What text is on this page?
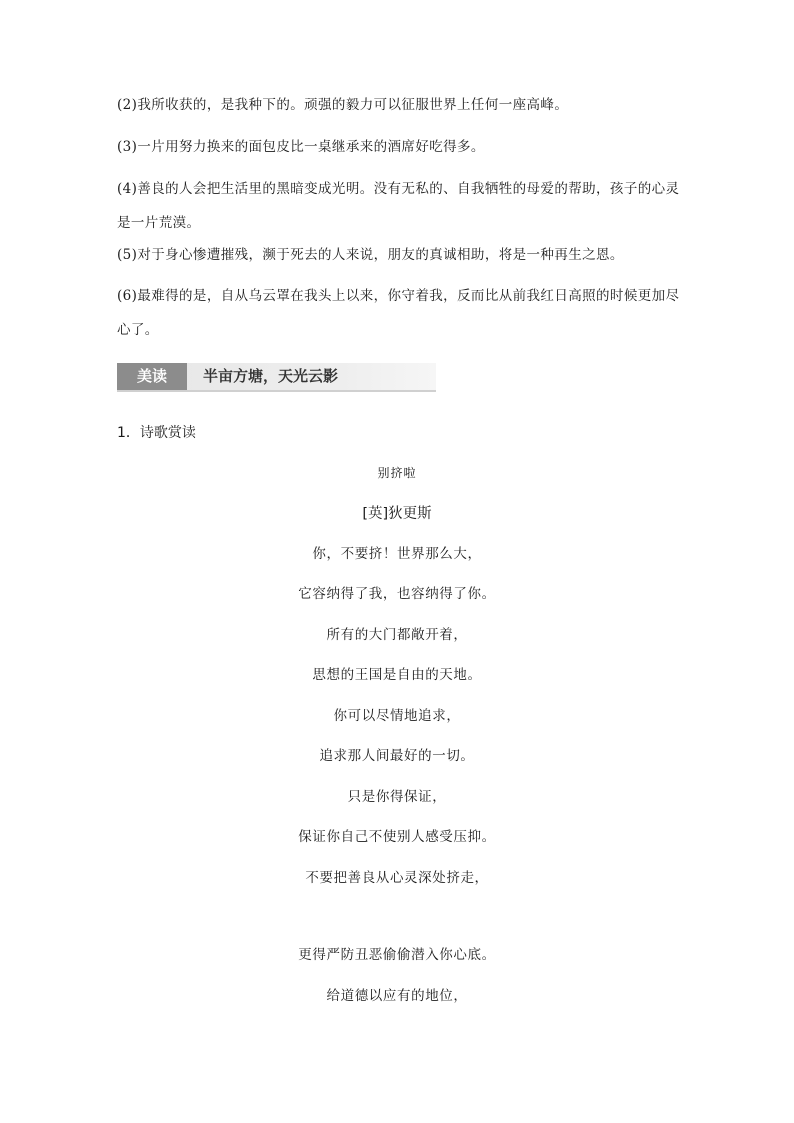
(2)我所收获的，是我种下的。顽强的毅力可以征服世界上任何一座高峰。

(3)一片用努力换来的面包皮比一桌继承来的酒席好吃得多。

(4)善良的人会把生活里的黑暗变成光明。没有无私的、自我牺牲的母爱的帮助，孩子的心灵是一片荒漠。

(5)对于身心惨遭摧残，濒于死去的人来说，朋友的真诚相助，将是一种再生之恩。

(6)最难得的是，自从乌云罩在我头上以来，你守着我，反而比从前我红日高照的时候更加尽心了。

美读	半亩方塘，天光云影
1．诗歌赏读
别挤啦
[英]狄更斯
你，不要挤！世界那么大，
它容纳得了我，也容纳得了你。
所有的大门都敞开着，
思想的王国是自由的天地。
你可以尽情地追求，
追求那人间最好的一切。
只是你得保证，
保证你自己不使别人感受压抑。
不要把善良从心灵深处挤走，
更得严防丑恶偷偷潜入你心底。
给道德以应有的地位，
